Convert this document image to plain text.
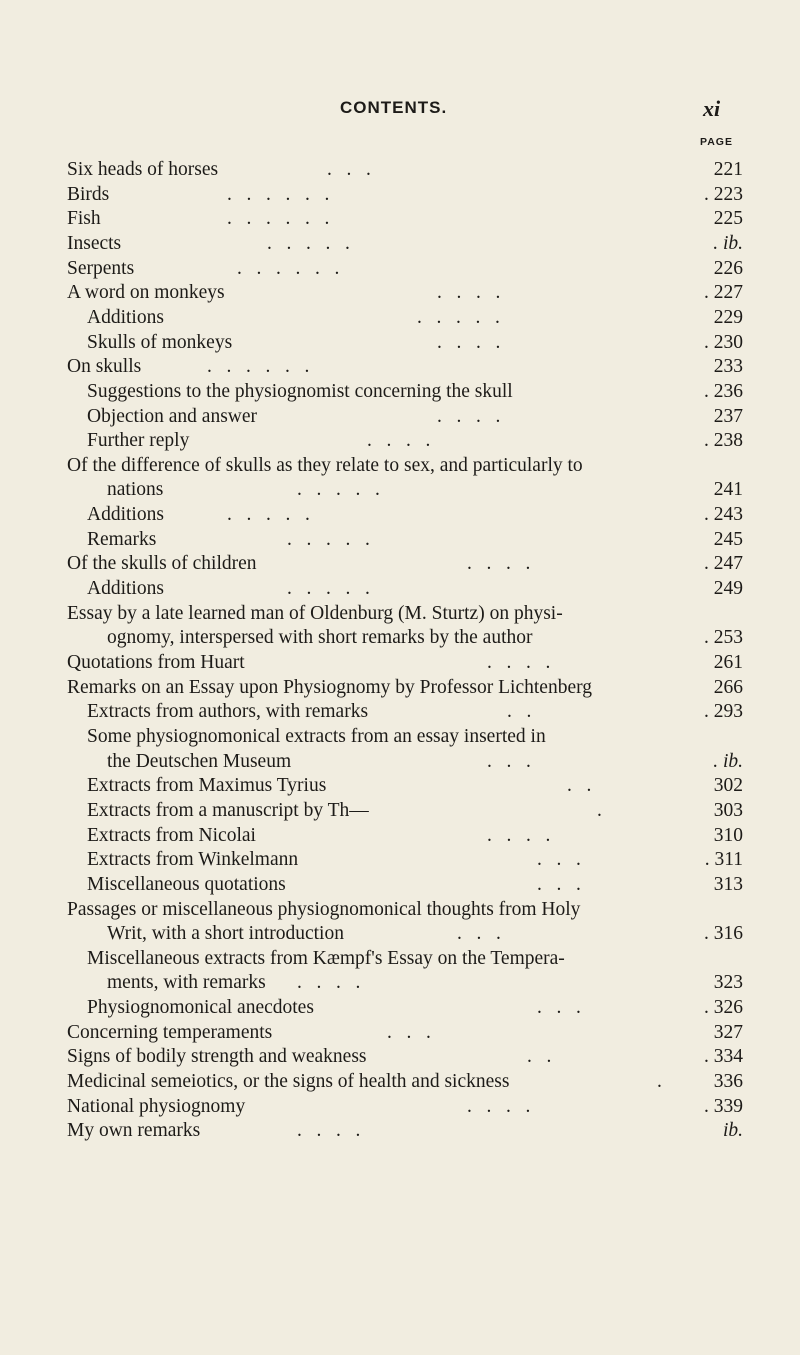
CONTENTS.	xi
PAGE
Six heads of horses	.   .   .	221
Birds	.   .   .   .   .   .	. 223
Fish	.   .   .   .   .   .	225
Insects	.   .   .   .   .	. ib.
Serpents	.   .   .   .   .   .	226
A word on monkeys	.   .   .   .	. 227
Additions	.   .   .   .   .	229
Skulls of monkeys	.   .   .   .	. 230
On skulls	.   .   .   .   .   .	233
Suggestions to the physiognomist concerning the skull	. 236
Objection and answer	.   .   .   .	237
Further reply	.   .   .   .	. 238
Of the difference of skulls as they relate to sex, and particularly to
nations	.   .   .   .   .	241
Additions	.   .   .   .   .	. 243
Remarks	.   .   .   .   .	245
Of the skulls of children	.   .   .   .	. 247
Additions	.   .   .   .   .	249
Essay by a late learned man of Oldenburg (M. Sturtz) on physi-
ognomy, interspersed with short remarks by the author	. 253
Quotations from Huart	.   .   .   .	261
Remarks on an Essay upon Physiognomy by Professor Lichtenberg	266
Extracts from authors, with remarks	.   .	. 293
Some physiognomonical extracts from an essay inserted in
the Deutschen Museum	.   .   .	. ib.
Extracts from Maximus Tyrius	.   .	302
Extracts from a manuscript by Th—	.	303
Extracts from Nicolai	.   .   .   .	310
Extracts from Winkelmann	.   .   .	. 311
Miscellaneous quotations	.   .   .	313
Passages or miscellaneous physiognomonical thoughts from Holy
Writ, with a short introduction	.   .   .	. 316
Miscellaneous extracts from Kæmpf's Essay on the Tempera-
ments, with remarks .   .   .   .	323
Physiognomonical anecdotes	.   .   .	. 326
Concerning temperaments	.   .   .	327
Signs of bodily strength and weakness	.   .	. 334
Medicinal semeiotics, or the signs of health and sickness	.	336
National physiognomy	.   .   .   .	. 339
My own remarks	.   .   .   .	ib.
